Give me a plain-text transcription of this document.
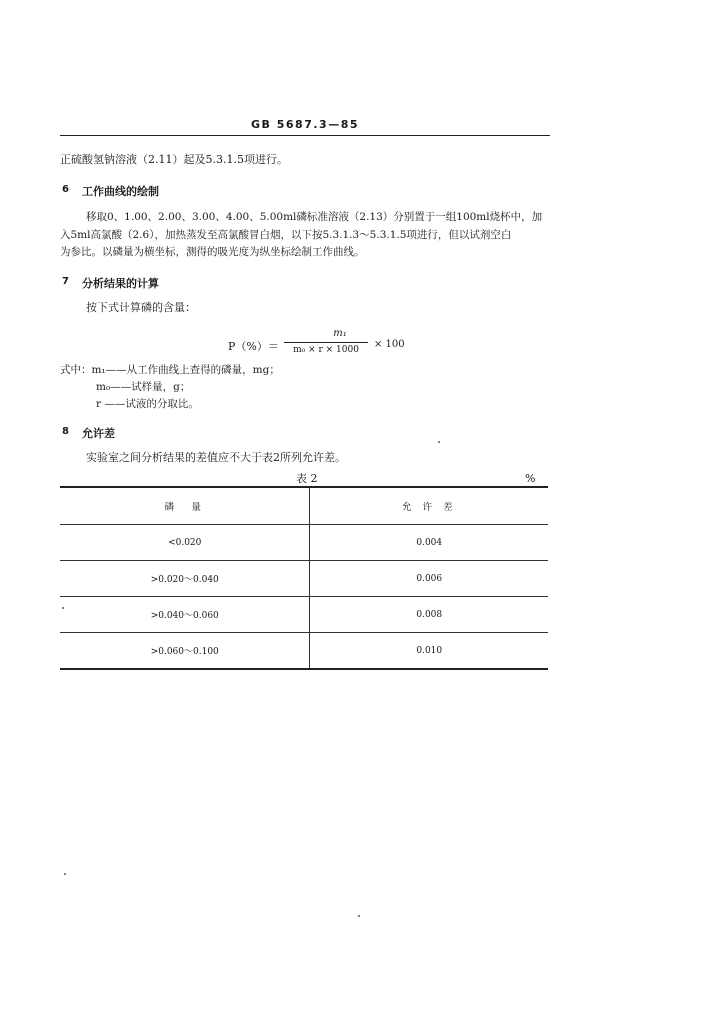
GB 5687.3—85
正硫酸氢钠溶液（2.11）起及5.3.1.5项进行。
6 工作曲线的绘制
移取0、1.00、2.00、3.00、4.00、5.00ml磷标准溶液（2.13）分别置于一组100ml烧杯中，加
入5ml高氯酸（2.6），加热蒸发至高氯酸冒白烟，以下按5.3.1.3～5.3.1.5项进行，但以试剂空白
为参比。以磷量为横坐标，测得的吸光度为纵坐标绘制工作曲线。
7 分析结果的计算
按下式计算磷的含量：
P（%）＝
m₁
m₀ × r × 1000	× 100
式中：m₁——从工作曲线上查得的磷量，mg；
m₀——试样量，g；
r ——试液的分取比。
8 允许差
实验室之间分析结果的差值应不大于表2所列允许差。
表 2	%
磷　量	允 许 差
<0.020	0.004
>0.020～0.040	0.006
>0.040～0.060	0.008
>0.060～0.100	0.010
